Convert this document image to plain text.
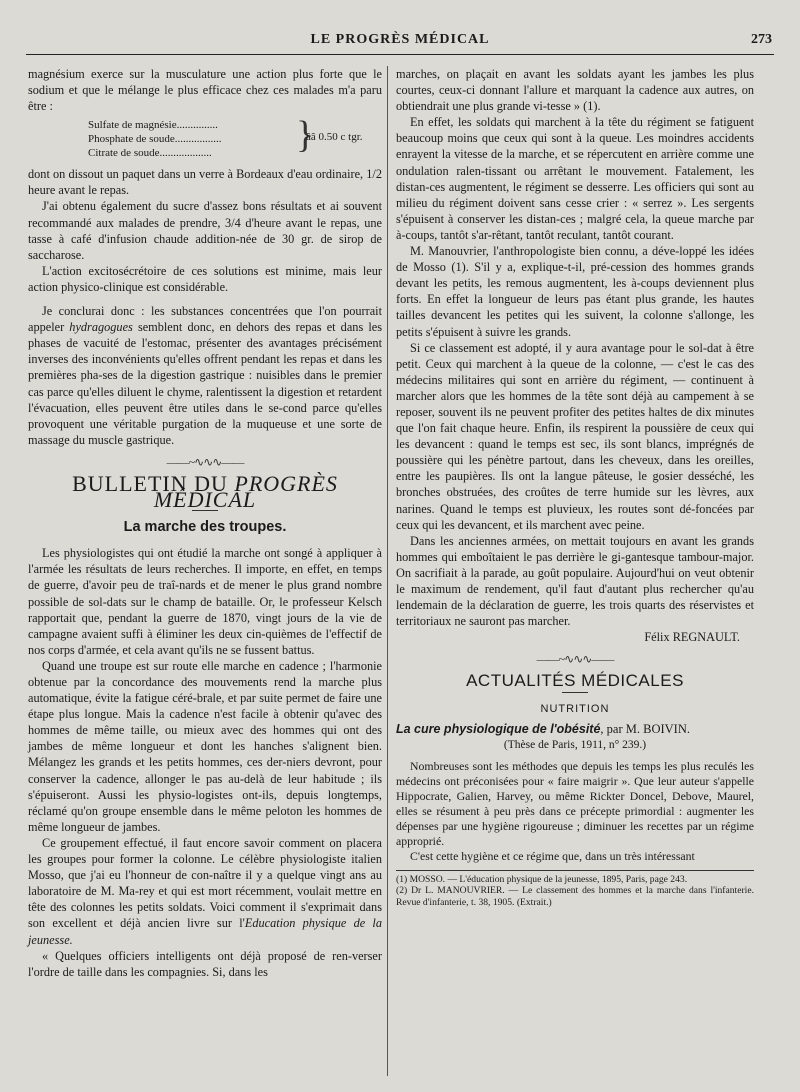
LE PROGRÈS MÉDICAL	273

magnésium exerce sur la musculature une action plus forte que le sodium et que le mélange le plus efficace chez ces malades m'a paru être :

Sulfate de magnésie...............
Phosphate de soude.................
Citrate de soude...................	}
ââ 0.50 c tgr.

dont on dissout un paquet dans un verre à Bordeaux d'eau ordinaire, 1/2 heure avant le repas.

J'ai obtenu également du sucre d'assez bons résultats et ai souvent recommandé aux malades de prendre, 3/4 d'heure avant le repas, une tasse à café d'infusion chaude addition-née de 30 gr. de sirop de saccharose.

L'action excitosécrétoire de ces solutions est minime, mais leur action physico-clinique est considérable.

Je conclurai donc : les substances concentrées que l'on pourrait appeler hydragogues semblent donc, en dehors des repas et dans les phases de vacuité de l'estomac, présenter des avantages précisément inverses des inconvénients qu'elles offrent pendant les repas et dans les premières pha-ses de la digestion gastrique : nuisibles dans le premier cas parce qu'elles diluent le chyme, ralentissent la digestion et retardent l'évacuation, elles peuvent être utiles dans le se-cond parce qu'elles provoquent une véritable purgation de la muqueuse et une sorte de massage du muscle gastrique.

——~∿∿∿——
BULLETIN DU PROGRÈS MÉDICAL
La marche des troupes.

Les physiologistes qui ont étudié la marche ont songé à appliquer à l'armée les résultats de leurs recherches. Il importe, en effet, en temps de guerre, d'avoir peu de traî-nards et de mener le plus grand nombre possible de sol-dats sur le champ de bataille. Or, le professeur Kelsch rapportait que, pendant la guerre de 1870, vingt jours de la vie de campagne avaient suffi à éliminer les deux cin-quièmes de l'effectif de nos corps d'armée, et cela avant qu'ils ne se fussent battus.

Quand une troupe est sur route elle marche en cadence ; l'harmonie obtenue par la concordance des mouvements rend la marche plus automatique, évite la fatigue céré-brale, et par suite permet de faire une étape plus longue. Mais la cadence n'est facile à obtenir qu'avec des hommes de même taille, ou mieux avec des hommes qui ont des jambes de même longueur et dont les hanches s'alignent bien. Mélangez les grands et les petits hommes, ces der-niers devront, pour conserver la cadence, allonger le pas au-delà de leur habitude ; ils s'épuiseront. Aussi les physio-logistes ont-ils, depuis longtemps, réclamé qu'on groupe ensemble dans le même peloton les hommes de même longueur de jambes.

Ce groupement effectué, il faut encore savoir comment on placera les groupes pour former la colonne. Le célèbre physiologiste italien Mosso, que j'ai eu l'honneur de con-naître il y a quelque vingt ans au laboratoire de M. Ma-rey et qui est mort récemment, voulait mettre en tête des colonnes les petits soldats. Voici comment il s'exprimait dans son excellent et déjà ancien livre sur l'Education physique de la jeunesse.

« Quelques officiers intelligents ont déjà proposé de ren-verser l'ordre de taille dans les compagnies. Si, dans les

marches, on plaçait en avant les soldats ayant les jambes les plus courtes, ceux-ci donnant l'allure et marquant la cadence aux autres, on obtiendrait une plus grande vi-tesse » (1).

En effet, les soldats qui marchent à la tête du régiment se fatiguent beaucoup moins que ceux qui sont à la queue. Les moindres accidents enrayent la vitesse de la marche, et se répercutent en arrière comme une ondulation ralen-tissant ou arrêtant le mouvement. Fatalement, les distan-ces augmentent, le régiment se desserre. Les officiers qui sont au milieu du régiment doivent sans cesse crier : « serrez ». Les sergents s'épuisent à conserver les distan-ces ; malgré cela, la queue marche par à-coups, tantôt s'ar-rêtant, tantôt reculant, tantôt courant.

M. Manouvrier, l'anthropologiste bien connu, a déve-loppé les idées de Mosso (1). S'il y a, explique-t-il, pré-cession des hommes grands devant les petits, les remous augmentent, les à-coups deviennent plus forts. En effet la longueur de leurs pas étant plus grande, les hautes tailles devancent les petites qui les suivent, la colonne s'allonge, les petits s'épuisent à suivre les grands.

Si ce classement est adopté, il y aura avantage pour le sol-dat à être petit. Ceux qui marchent à la queue de la colonne, — c'est le cas des médecins militaires qui sont en arrière du régiment, — continuent à marcher alors que les hommes de la tête sont déjà au campement à se reposer, souvent ils ne peuvent profiter des petites haltes de dix minutes que l'on fait chaque heure. Enfin, ils respirent la poussière de ceux qui les devancent : quand le temps est sec, ils sont blancs, imprégnés de poussière qui les pénètre partout, dans les cheveux, dans les oreilles, entre les paupières. Ils ont la langue pâteuse, le gosier desséché, les bronches obstruées, des croûtes de terre humide sur les lèvres, aux narines. Quand le temps est pluvieux, les routes sont dé-foncées par ceux qui les devancent, et ils marchent avec peine.

Dans les anciennes armées, on mettait toujours en avant les grands hommes qui emboîtaient le pas derrière le gi-gantesque tambour-major. On sacrifiait à la parade, au goût populaire. Aujourd'hui on veut obtenir le maximum de rendement, qu'il faut d'autant plus rechercher qu'au lendemain de la déclaration de guerre, les trois quarts des réservistes et territoriaux ne sauront pas marcher.

Félix REGNAULT.
——~∿∿∿——
ACTUALITÉS MÉDICALES
NUTRITION

La cure physiologique de l'obésité, par M. BOIVIN.

(Thèse de Paris, 1911, n° 239.)

Nombreuses sont les méthodes que depuis les temps les plus reculés les médecins ont préconisées pour « faire maigrir ». Que leur auteur s'appelle Hippocrate, Galien, Harvey, ou même Rickter Doncel, Debove, Maurel, elles se résument à peu près dans ce précepte primordial : augmenter les dépenses par une hygiène rigoureuse ; diminuer les recettes par un régime approprié.

C'est cette hygiène et ce régime que, dans un très intéressant

(1) MOSSO. — L'éducation physique de la jeunesse, 1895, Paris, page 243.

(2) Dr L. MANOUVRIER. — Le classement des hommes et la marche dans l'infanterie. Revue d'infanterie, t. 38, 1905. (Extrait.)
